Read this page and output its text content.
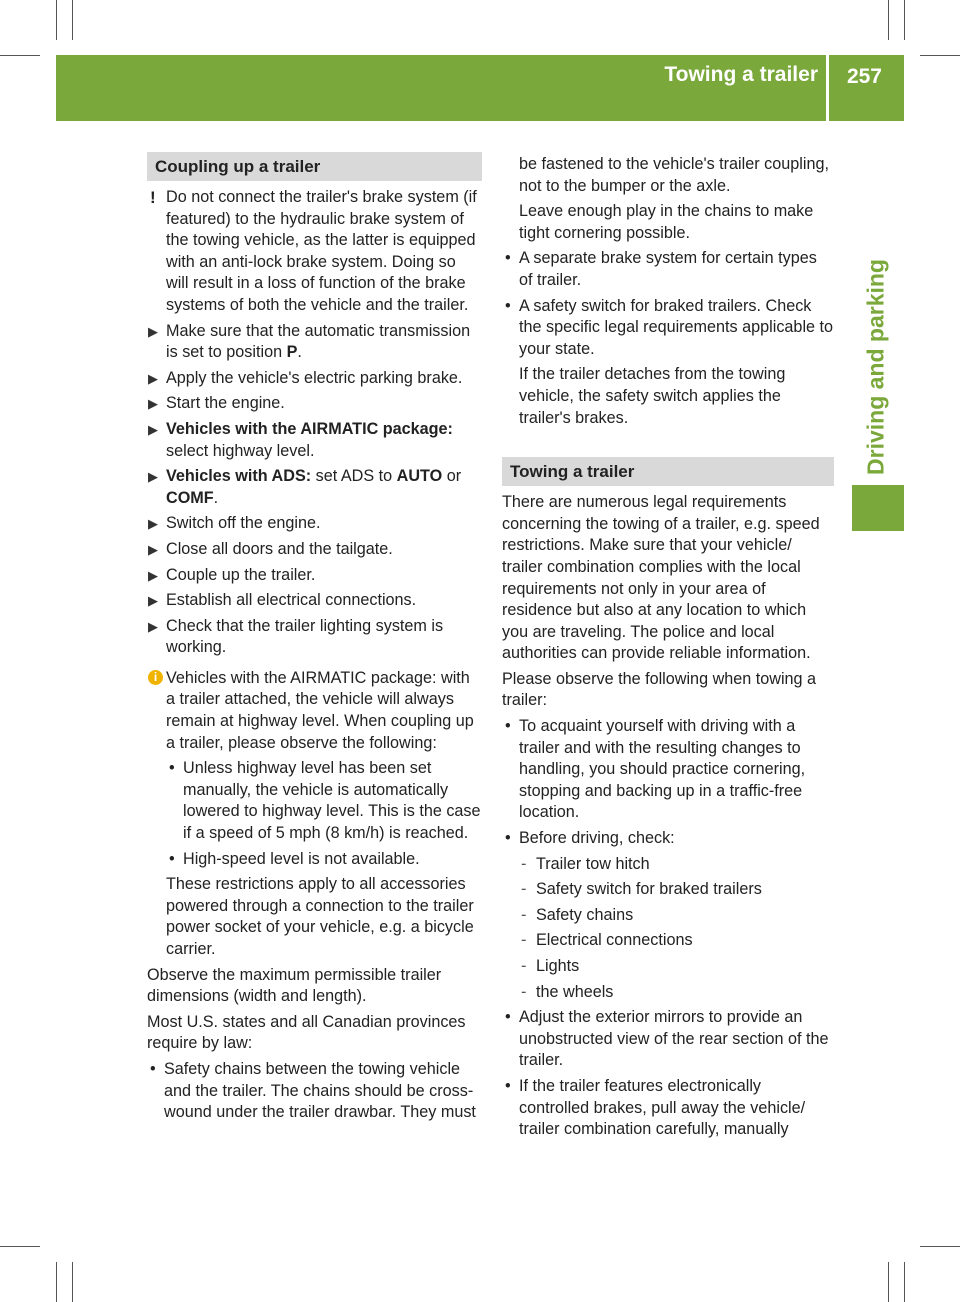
Towing a trailer 257
Driving and parking
Coupling up a trailer
! Do not connect the trailer's brake system (if featured) to the hydraulic brake system of the towing vehicle, as the latter is equipped with an anti-lock brake system. Doing so will result in a loss of function of the brake systems of both the vehicle and the trailer.

▶ Make sure that the automatic transmission is set to position P.

▶ Apply the vehicle's electric parking brake.

▶ Start the engine.

▶ Vehicles with the AIRMATIC package: select highway level.

▶ Vehicles with ADS: set ADS to AUTO or COMF.

▶ Switch off the engine.

▶ Close all doors and the tailgate.

▶ Couple up the trailer.

▶ Establish all electrical connections.

▶ Check that the trailer lighting system is working.

i Vehicles with the AIRMATIC package: with a trailer attached, the vehicle will always remain at highway level. When coupling up a trailer, please observe the following:

• Unless highway level has been set manually, the vehicle is automatically lowered to highway level. This is the case if a speed of 5 mph (8 km/h) is reached.

• High-speed level is not available.

These restrictions apply to all accessories powered through a connection to the trailer power socket of your vehicle, e.g. a bicycle carrier.

Observe the maximum permissible trailer dimensions (width and length).

Most U.S. states and all Canadian provinces require by law:

• Safety chains between the towing vehicle and the trailer. The chains should be cross-wound under the trailer drawbar. They must

be fastened to the vehicle's trailer coupling, not to the bumper or the axle.

Leave enough play in the chains to make tight cornering possible.

• A separate brake system for certain types of trailer.

• A safety switch for braked trailers. Check the specific legal requirements applicable to your state.

If the trailer detaches from the towing vehicle, the safety switch applies the trailer's brakes.

Towing a trailer

There are numerous legal requirements concerning the towing of a trailer, e.g. speed restrictions. Make sure that your vehicle/ trailer combination complies with the local requirements not only in your area of residence but also at any location to which you are traveling. The police and local authorities can provide reliable information.

Please observe the following when towing a trailer:

• To acquaint yourself with driving with a trailer and with the resulting changes to handling, you should practice cornering, stopping and backing up in a traffic-free location.

• Before driving, check:

- Trailer tow hitch

- Safety switch for braked trailers

- Safety chains

- Electrical connections

- Lights

- the wheels

• Adjust the exterior mirrors to provide an unobstructed view of the rear section of the trailer.

• If the trailer features electronically controlled brakes, pull away the vehicle/ trailer combination carefully, manually
